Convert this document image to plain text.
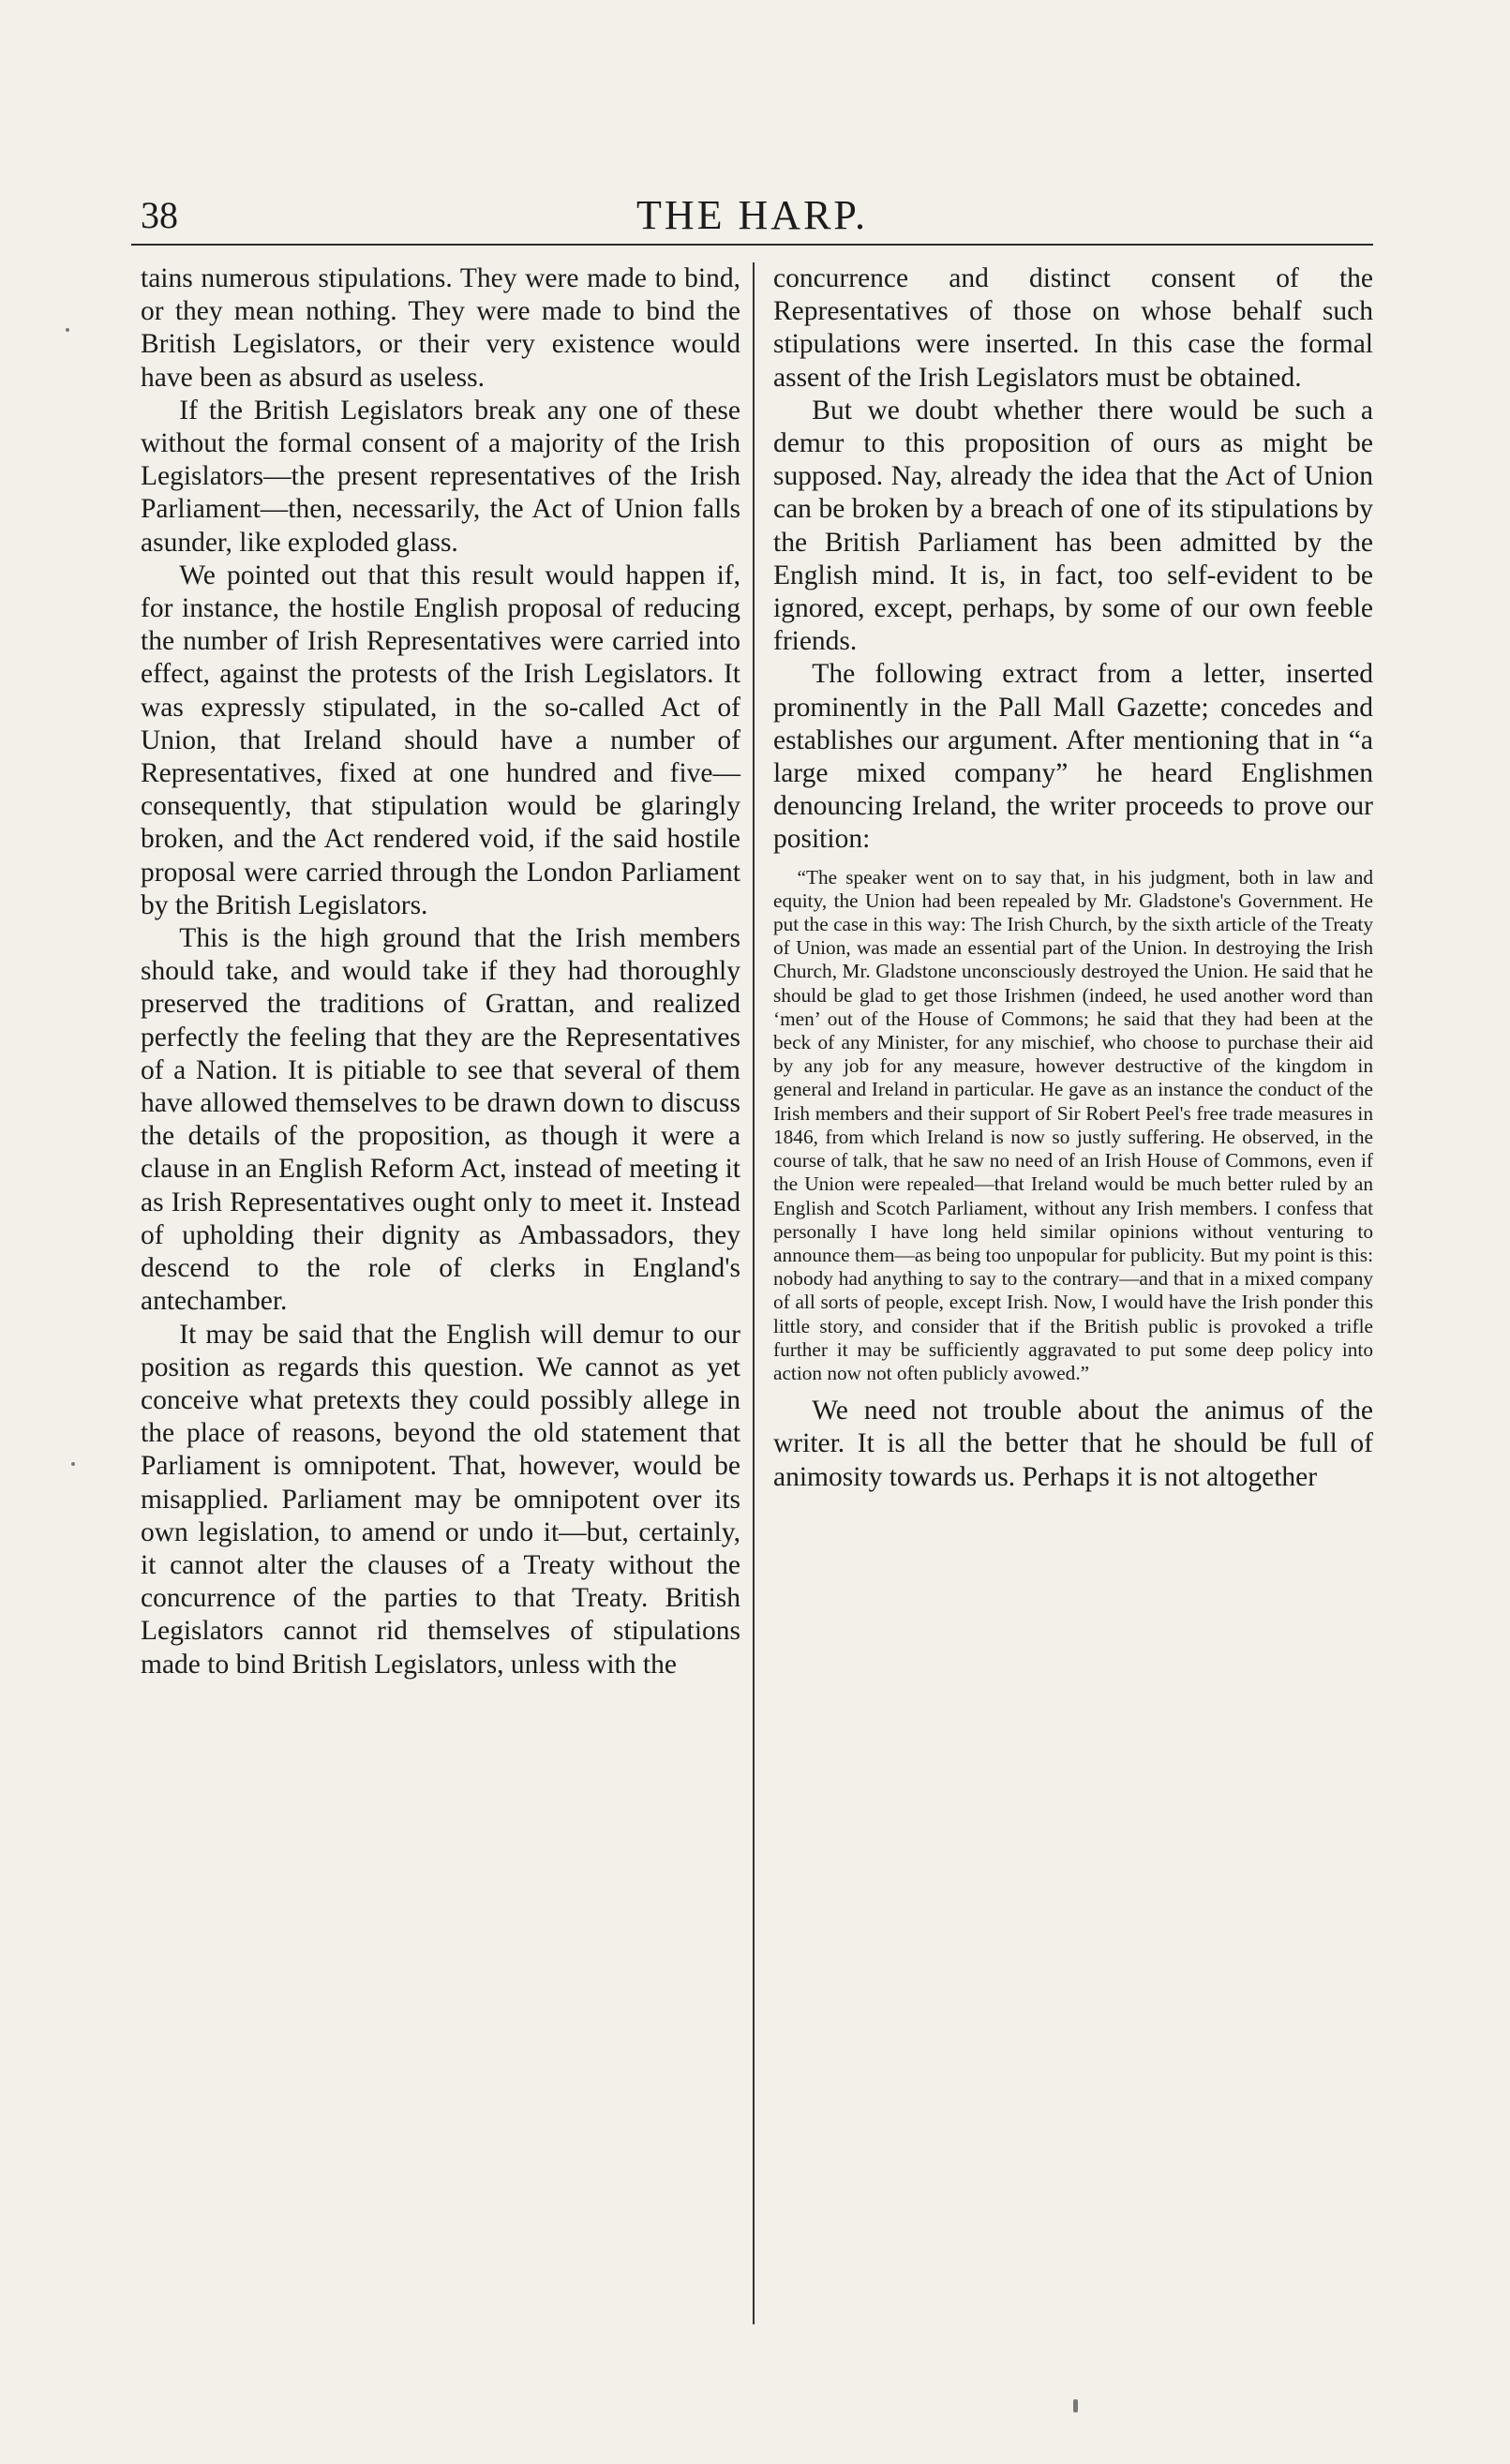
38	THE HARP.

tains numerous stipulations. They were made to bind, or they mean nothing. They were made to bind the British Legislators, or their very existence would have been as absurd as useless.

If the British Legislators break any one of these without the formal consent of a majority of the Irish Legislators—the present representatives of the Irish Parliament—then, necessarily, the Act of Union falls asunder, like exploded glass.

We pointed out that this result would happen if, for instance, the hostile English proposal of reducing the number of Irish Representatives were carried into effect, against the protests of the Irish Legislators. It was expressly stipulated, in the so-called Act of Union, that Ireland should have a number of Representatives, fixed at one hundred and five—consequently, that stipulation would be glaringly broken, and the Act rendered void, if the said hostile proposal were carried through the London Parliament by the British Legislators.

This is the high ground that the Irish members should take, and would take if they had thoroughly preserved the traditions of Grattan, and realized perfectly the feeling that they are the Representatives of a Nation. It is pitiable to see that several of them have allowed themselves to be drawn down to discuss the details of the proposition, as though it were a clause in an English Reform Act, instead of meeting it as Irish Representatives ought only to meet it. Instead of upholding their dignity as Ambassadors, they descend to the role of clerks in England's antechamber.

It may be said that the English will demur to our position as regards this question. We cannot as yet conceive what pretexts they could possibly allege in the place of reasons, beyond the old statement that Parliament is omnipotent. That, however, would be misapplied. Parliament may be omnipotent over its own legislation, to amend or undo it—but, certainly, it cannot alter the clauses of a Treaty without the concurrence of the parties to that Treaty. British Legislators cannot rid themselves of stipulations made to bind British Legislators, unless with the

concurrence and distinct consent of the Representatives of those on whose behalf such stipulations were inserted. In this case the formal assent of the Irish Legislators must be obtained.

But we doubt whether there would be such a demur to this proposition of ours as might be supposed. Nay, already the idea that the Act of Union can be broken by a breach of one of its stipulations by the British Parliament has been admitted by the English mind. It is, in fact, too self-evident to be ignored, except, perhaps, by some of our own feeble friends.

The following extract from a letter, inserted prominently in the Pall Mall Gazette; concedes and establishes our argument. After mentioning that in “a large mixed company” he heard Englishmen denouncing Ireland, the writer proceeds to prove our position:

“The speaker went on to say that, in his judgment, both in law and equity, the Union had been repealed by Mr. Gladstone's Government. He put the case in this way: The Irish Church, by the sixth article of the Treaty of Union, was made an essential part of the Union. In destroying the Irish Church, Mr. Gladstone unconsciously destroyed the Union. He said that he should be glad to get those Irishmen (indeed, he used another word than ‘men’ out of the House of Commons; he said that they had been at the beck of any Minister, for any mischief, who choose to purchase their aid by any job for any measure, however destructive of the kingdom in general and Ireland in particular. He gave as an instance the conduct of the Irish members and their support of Sir Robert Peel's free trade measures in 1846, from which Ireland is now so justly suffering. He observed, in the course of talk, that he saw no need of an Irish House of Commons, even if the Union were repealed—that Ireland would be much better ruled by an English and Scotch Parliament, without any Irish members. I confess that personally I have long held similar opinions without venturing to announce them—as being too unpopular for publicity. But my point is this: nobody had anything to say to the contrary—and that in a mixed company of all sorts of people, except Irish. Now, I would have the Irish ponder this little story, and consider that if the British public is provoked a trifle further it may be sufficiently aggravated to put some deep policy into action now not often publicly avowed.”

We need not trouble about the animus of the writer. It is all the better that he should be full of animosity towards us. Perhaps it is not altogether
